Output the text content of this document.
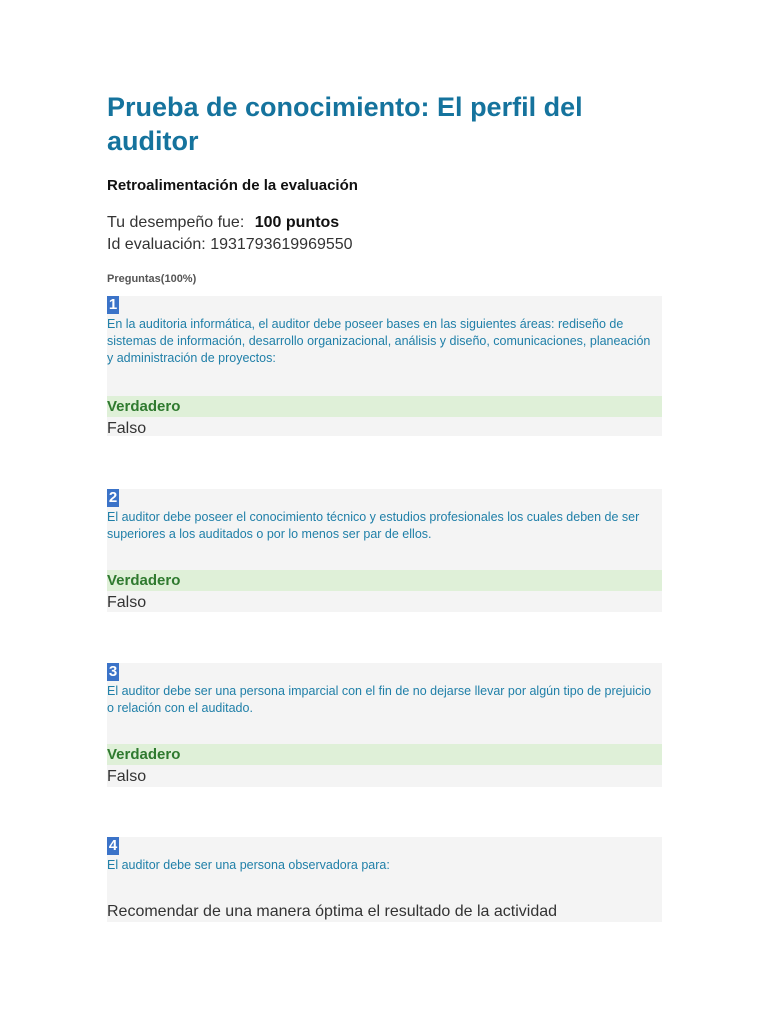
Prueba de conocimiento: El perfil del auditor
Retroalimentación de la evaluación
Tu desempeño fue: 100 puntos
Id evaluación: 1931793619969550
Preguntas(100%)
1

En la auditoria informática, el auditor debe poseer bases en las siguientes áreas: rediseño de sistemas de información, desarrollo organizacional, análisis y diseño, comunicaciones, planeación y administración de proyectos:

Verdadero
Falso
2

El auditor debe poseer el conocimiento técnico y estudios profesionales los cuales deben de ser superiores a los auditados o por lo menos ser par de ellos.

Verdadero
Falso
3

El auditor debe ser una persona imparcial con el fin de no dejarse llevar por algún tipo de prejuicio o relación con el auditado.

Verdadero
Falso
4

El auditor debe ser una persona observadora para:

Recomendar de una manera óptima el resultado de la actividad
